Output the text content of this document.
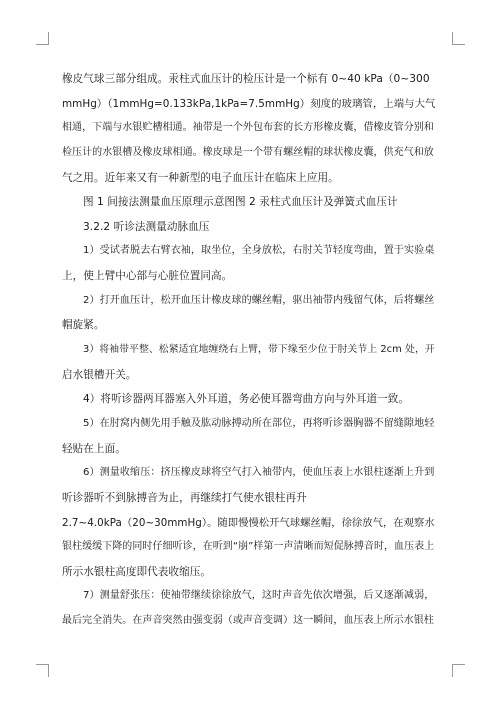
橡皮气球三部分组成。汞柱式血压计的检压计是一个标有 0~40 kPa（0~300
mmHg）（1mmHg=0.133kPa,1kPa=7.5mmHg）刻度的玻璃管，上端与大气
相通，下端与水银贮槽相通。袖带是一个外包布套的长方形橡皮囊，借橡皮管分别和
检压计的水银槽及橡皮球相通。橡皮球是一个带有螺丝帽的球状橡皮囊，供充气和放
气之用。近年来又有一种新型的电子血压计在临床上应用。
图 1 间接法测量血压原理示意图图 2 汞柱式血压计及弹簧式血压计
3.2.2 听诊法测量动脉血压
1）受试者脱去右臂衣袖，取坐位，全身放松，右肘关节轻度弯曲，置于实验桌
上，使上臂中心部与心脏位置同高。
2）打开血压计，松开血压计橡皮球的螺丝帽，驱出袖带内残留气体，后将螺丝
帽旋紧。
3）将袖带平整、松紧适宜地缠绕右上臂，带下缘至少位于肘关节上 2cm 处，开
启水银槽开关。
4）将听诊器两耳器塞入外耳道，务必使耳器弯曲方向与外耳道一致。
5）在肘窝内侧先用手触及肱动脉搏动所在部位，再将听诊器胸器不留缝隙地轻
轻贴在上面。
6）测量收缩压：挤压橡皮球将空气打入袖带内，使血压表上水银柱逐渐上升到
听诊器听不到脉搏音为止，再继续打气使水银柱再升
2.7~4.0kPa（20~30mmHg）。随即慢慢松开气球螺丝帽，徐徐放气，在观察水
银柱缓缓下降的同时仔细听诊，在听到“崩”样第一声清晰而短促脉搏音时，血压表上
所示水银柱高度即代表收缩压。
7）测量舒张压：使袖带继续徐徐放气，这时声音先依次增强，后又逐渐减弱，
最后完全消失。在声音突然由强变弱（或声音变调）这一瞬间，血压表上所示水银柱
